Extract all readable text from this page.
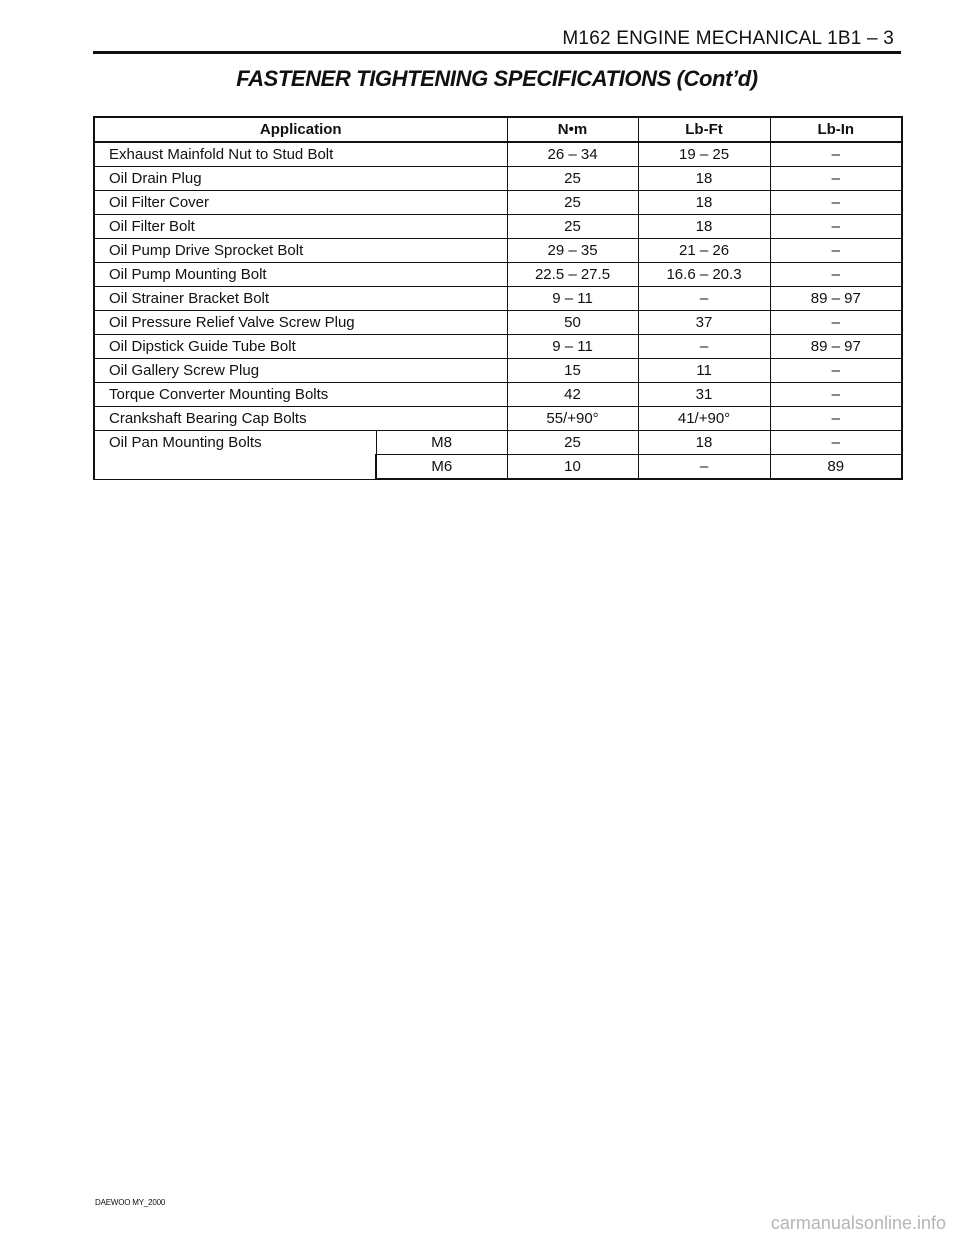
M162 ENGINE MECHANICAL 1B1 – 3
FASTENER TIGHTENING SPECIFICATIONS (Cont’d)
Application		N•m	Lb-Ft	Lb-In
Exhaust Mainfold Nut to Stud Bolt		26 – 34	19 – 25	–
Oil Drain Plug		25	18	–
Oil Filter Cover		25	18	–
Oil Filter Bolt		25	18	–
Oil Pump Drive Sprocket Bolt		29 – 35	21 – 26	–
Oil Pump Mounting Bolt		22.5 – 27.5	16.6 – 20.3	–
Oil Strainer Bracket Bolt		9 – 11	–	89 – 97
Oil Pressure Relief Valve Screw Plug		50	37	–
Oil Dipstick Guide Tube Bolt		9 – 11	–	89 – 97
Oil Gallery Screw Plug		15	11	–
Torque Converter Mounting Bolts		42	31	–
Crankshaft Bearing Cap Bolts		55/+90°	41/+90°	–
Oil Pan Mounting Bolts	M8	25	18	–
	M6	10	–	89
DAEWOO MY_2000
carmanualsonline.info
